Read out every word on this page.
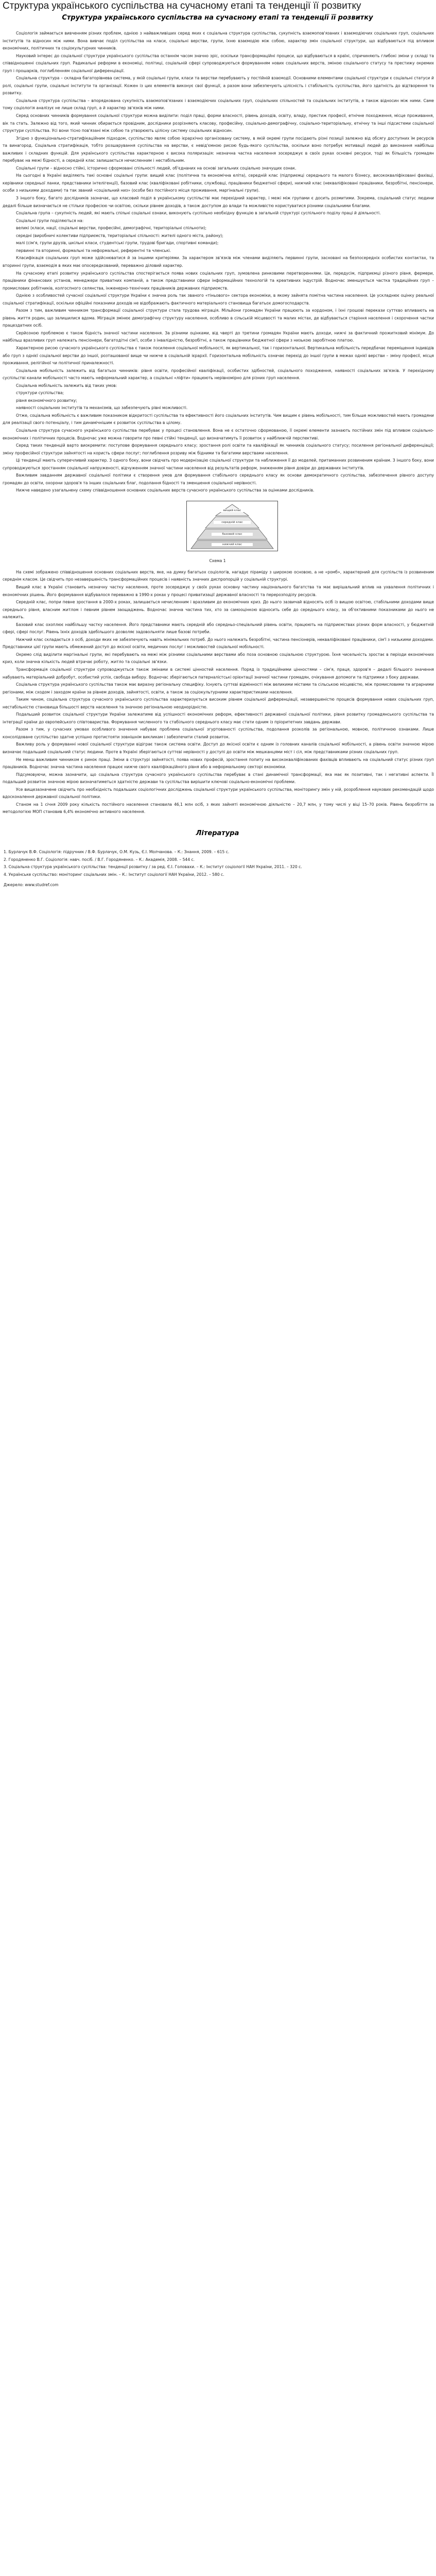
Структура українського суспільства на сучасному етапі та тенденції її розвитку
Структура українського суспільства на сучасному етапі та тенденції її розвитку

Соціологія займається вивченням різних проблем, однією з найважливіших серед яких є соціальна структура суспільства, сукупність взаємопов'язаних і взаємодіючих соціальних груп, соціальних інститутів та відносин між ними. Вона вивчає поділ суспільства на класи, соціальні верстви, групи, їхню взаємодію між собою, характер змін соціальної структури, що відбуваються під впливом економічних, політичних та соціокультурних чинників.

Науковий інтерес до соціальної структури українського суспільства останнім часом значно зріс, оскільки трансформаційні процеси, що відбуваються в країні, спричиняють глибокі зміни у складі та співвідношенні соціальних груп. Радикальні реформи в економіці, політиці, соціальній сфері супроводжуються формуванням нових соціальних верств, зміною соціального статусу та престижу окремих груп і прошарків, поглибленням соціальної диференціації.

Соціальна структура – складна багаторівнева система, у якій соціальні групи, класи та верстви перебувають у постійній взаємодії. Основними елементами соціальної структури є соціальні статуси й ролі, соціальні групи, соціальні інститути та організації. Кожен із цих елементів виконує свої функції, а разом вони забезпечують цілісність і стабільність суспільства, його здатність до відтворення та розвитку.

Соціальна структура суспільства – впорядкована сукупність взаємопов'язаних і взаємодіючих соціальних груп, соціальних спільностей та соціальних інститутів, а також відносин між ними. Саме тому соціологія аналізує не лише склад груп, а й характер зв'язків між ними.

Серед основних чинників формування соціальної структури можна виділити: поділ праці, форми власності, рівень доходів, освіту, владу, престиж професії, етнічне походження, місце проживання, вік та стать. Залежно від того, який чинник обирається провідним, дослідники розрізняють класову, професійну, соціально-демографічну, соціально-територіальну, етнічну та інші підсистеми соціальної структури суспільства. Усі вони тісно пов'язані між собою та утворюють цілісну систему соціальних відносин.

Згідно з функціонально-стратифікаційним підходом, суспільство являє собою ієрархічно організовану систему, в якій окремі групи посідають різні позиції залежно від обсягу доступних їм ресурсів та винагород. Соціальна стратифікація, тобто розшарування суспільства на верстви, є невід'ємною рисою будь-якого суспільства, оскільки воно потребує мотивації людей до виконання найбільш важливих і складних функцій. Для українського суспільства характерною є висока поляризація: незначна частка населення зосереджує в своїх руках основні ресурси, тоді як більшість громадян перебуває на межі бідності, а середній клас залишається нечисленним і нестабільним.

Соціальні групи – відносно стійкі, історично сформовані спільності людей, об'єднаних на основі загальних соціально значущих ознак.

На сьогодні в Україні виділяють такі основні соціальні групи: вищий клас (політична та економічна еліта), середній клас (підприємці середнього та малого бізнесу, висококваліфіковані фахівці, керівники середньої ланки, представники інтелігенції), базовий клас (кваліфіковані робітники, службовці, працівники бюджетної сфери), нижчий клас (некваліфіковані працівники, безробітні, пенсіонери, особи з низькими доходами) та так званий «соціальний низ» (особи без постійного місця проживання, маргінальні групи).

З іншого боку, багато дослідників зазначає, що класовий поділ в українському суспільстві має перехідний характер, і межі між групами є досить розмитими. Зокрема, соціальний статус людини дедалі більше визначається не стільки професією чи освітою, скільки рівнем доходів, а також доступом до влади та можливістю користуватися різними соціальними благами.

Соціальна група – сукупність людей, які мають спільні соціальні ознаки, виконують суспільно необхідну функцію в загальній структурі суспільного поділу праці й діяльності.

Соціальні групи поділяються на:

великі (класи, нації, соціальні верстви, професійні, демографічні, територіальні спільноти);

середні (виробничі колективи підприємств, територіальні спільності: жителі одного міста, району);

малі (сім'я, групи друзів, шкільні класи, студентські групи, трудові бригади, спортивні команди);

первинні та вторинні, формальні та неформальні, референтні та членські.

Класифікація соціальних груп може здійснюватися й за іншими критеріями. За характером зв'язків між членами виділяють первинні групи, засновані на безпосередніх особистих контактах, та вторинні групи, взаємодія в яких має опосередкований, переважно діловий характер.

На сучасному етапі розвитку українського суспільства спостерігається поява нових соціальних груп, зумовлена ринковими перетвореннями. Це, передусім, підприємці різного рівня, фермери, працівники фінансових установ, менеджери приватних компаній, а також представники сфери інформаційних технологій та креативних індустрій. Водночас зменшується частка традиційних груп – промислових робітників, колгоспного селянства, інженерно-технічних працівників державних підприємств.

Однією з особливостей сучасної соціальної структури України є значна роль так званого «тіньового» сектора економіки, в якому зайнята помітна частина населення. Це ускладнює оцінку реальної соціальної стратифікації, оскільки офіційні показники доходів не відображають фактичного матеріального становища багатьох домогосподарств.

Разом з тим, важливим чинником трансформації соціальної структури стала трудова міграція. Мільйони громадян України працюють за кордоном, і їхні грошові перекази суттєво впливають на рівень життя родин, що залишилися вдома. Міграція змінює демографічну структуру населення, особливо в сільській місцевості та малих містах, де відбувається старіння населення і скорочення частки працездатних осіб.

Серйозною проблемою є також бідність значної частини населення. За різними оцінками, від чверті до третини громадян України мають доходи, нижчі за фактичний прожитковий мінімум. До найбільш вразливих груп належать пенсіонери, багатодітні сім'ї, особи з інвалідністю, безробітні, а також працівники бюджетної сфери з низькою заробітною платою.

Характерною рисою сучасного українського суспільства є також посилення соціальної мобільності, як вертикальної, так і горизонтальної. Вертикальна мобільність передбачає переміщення індивідів або груп з однієї соціальної верстви до іншої, розташованої вище чи нижче в соціальній ієрархії. Горизонтальна мобільність означає перехід до іншої групи в межах однієї верстви – зміну професії, місця проживання, релігійної чи політичної приналежності.

Соціальна мобільність залежить від багатьох чинників: рівня освіти, професійної кваліфікації, особистих здібностей, соціального походження, наявності соціальних зв'язків. У перехідному суспільстві канали мобільності часто мають неформальний характер, а соціальні «ліфти» працюють нерівномірно для різних груп населення.

Соціальна мобільність залежить від таких умов:

структури суспільства;

рівня економічного розвитку;

наявності соціальних інститутів та механізмів, що забезпечують рівні можливості.

Отже, соціальна мобільність є важливим показником відкритості суспільства та ефективності його соціальних інститутів. Чим вищим є рівень мобільності, тим більше можливостей мають громадяни для реалізації свого потенціалу, і тим динамічнішим є розвиток суспільства в цілому.

Соціальна структура сучасного українського суспільства перебуває у процесі становлення. Вона не є остаточно сформованою, її окремі елементи зазнають постійних змін під впливом соціально-економічних і політичних процесів. Водночас уже можна говорити про певні стійкі тенденції, що визначатимуть її розвиток у найближчій перспективі.

Серед таких тенденцій варто виокремити: поступове формування середнього класу; зростання ролі освіти та кваліфікації як чинників соціального статусу; посилення регіональної диференціації; зміну професійної структури зайнятості на користь сфери послуг; поглиблення розриву між бідними та багатими верствами населення.

Ці тенденції мають суперечливий характер. З одного боку, вони свідчать про модернізацію соціальної структури та наближення її до моделей, притаманних розвиненим країнам. З іншого боку, вони супроводжуються зростанням соціальної напруженості, відчуженням значної частини населення від результатів реформ, зниженням рівня довіри до державних інститутів.

Важливим завданням державної соціальної політики є створення умов для формування стабільного середнього класу як основи демократичного суспільства, забезпечення рівного доступу громадян до освіти, охорони здоров'я та інших соціальних благ, подолання бідності та зменшення соціальної нерівності.

Нижче наведено узагальнену схему співвідношення основних соціальних верств сучасного українського суспільства за оцінками дослідників.

вищий клас
середній клас
базовий клас
нижчий клас

Схема 1

На схемі зображено співвідношення основних соціальних верств, яке, на думку багатьох соціологів, нагадує піраміду з широкою основою, а не «ромб», характерний для суспільств із розвиненим середнім класом. Це свідчить про незавершеність трансформаційних процесів і наявність значних диспропорцій у соціальній структурі.

Вищий клас в Україні становить незначну частку населення, проте зосереджує у своїх руках основну частину національного багатства та має вирішальний вплив на ухвалення політичних і економічних рішень. Його формування відбувалося переважно в 1990-х роках у процесі приватизації державної власності та перерозподілу ресурсів.

Середній клас, попри певне зростання в 2000-х роках, залишається нечисленним і вразливим до економічних криз. До нього зазвичай відносять осіб із вищою освітою, стабільними доходами вище середнього рівня, власним житлом і певним рівнем заощаджень. Водночас значна частина тих, хто за самооцінкою відносить себе до середнього класу, за об'єктивними показниками до нього не належить.

Базовий клас охоплює найбільшу частку населення. Його представники мають середній або середньо-спеціальний рівень освіти, працюють на підприємствах різних форм власності, у бюджетній сфері, сфері послуг. Рівень їхніх доходів здебільшого дозволяє задовольняти лише базові потреби.

Нижчий клас складається з осіб, доходи яких не забезпечують навіть мінімальних потреб. До нього належать безробітні, частина пенсіонерів, некваліфіковані працівники, сім'ї з низькими доходами. Представники цієї групи мають обмежений доступ до якісної освіти, медичних послуг і можливостей соціальної мобільності.

Окремо слід виділити маргінальні групи, які перебувають на межі між різними соціальними верствами або поза основною соціальною структурою. Їхня чисельність зростає в періоди економічних криз, коли значна кількість людей втрачає роботу, житло та соціальні зв'язки.

Трансформація соціальної структури супроводжується також змінами в системі цінностей населення. Поряд із традиційними цінностями – сім'я, праця, здоров'я – дедалі більшого значення набувають матеріальний добробут, особистий успіх, свобода вибору. Водночас зберігаються патерналістські орієнтації значної частини громадян, очікування допомоги та підтримки з боку держави.

Соціальна структура українського суспільства також має виразну регіональну специфіку. Існують суттєві відмінності між великими містами та сільською місцевістю, між промисловими та аграрними регіонами, між сходом і заходом країни за рівнем доходів, зайнятості, освіти, а також за соціокультурними характеристиками населення.

Таким чином, соціальна структура сучасного українського суспільства характеризується високим рівнем соціальної диференціації, незавершеністю процесів формування нових соціальних груп, нестабільністю становища більшості верств населення та значною регіональною неоднорідністю.

Подальший розвиток соціальної структури України залежатиме від успішності економічних реформ, ефективності державної соціальної політики, рівня розвитку громадянського суспільства та інтеграції країни до європейського співтовариства. Формування численного та стабільного середнього класу має стати одним із пріоритетних завдань держави.

Разом з тим, у сучасних умовах особливого значення набуває проблема соціальної згуртованості суспільства, подолання розколів за регіональною, мовною, політичною ознаками. Лише консолідоване суспільство здатне успішно протистояти зовнішнім викликам і забезпечити сталий розвиток.

Важливу роль у формуванні нової соціальної структури відіграє також система освіти. Доступ до якісної освіти є одним із головних каналів соціальної мобільності, а рівень освіти значною мірою визначає подальший соціальний статус людини. Проте в Україні зберігаються суттєві нерівності у доступі до освіти між мешканцями міст і сіл, між представниками різних соціальних груп.

Не менш важливим чинником є ринок праці. Зміни в структурі зайнятості, поява нових професій, зростання попиту на висококваліфікованих фахівців впливають на соціальний статус різних груп працівників. Водночас значна частина населення працює нижче свого кваліфікаційного рівня або в неформальному секторі економіки.

Підсумовуючи, можна зазначити, що соціальна структура сучасного українського суспільства перебуває в стані динамічної трансформації, яка має як позитивні, так і негативні аспекти. Її подальший розвиток значною мірою визначатиметься здатністю держави та суспільства вирішити ключові соціально-економічні проблеми.

Усе вищезазначене свідчить про необхідність подальших соціологічних досліджень соціальної структури українського суспільства, моніторингу змін у ній, розроблення наукових рекомендацій щодо вдосконалення державної соціальної політики.

Станом на 1 січня 2009 року кількість постійного населення становила 46,1 млн осіб, з яких зайняті економічною діяльністю – 20,7 млн, у тому числі у віці 15–70 років. Рівень безробіття за методологією МОП становив 6,4% економічно активного населення.

Література

1. Бурлачук В.Ф. Соціологія: підручник / В.Ф. Бурлачук, О.М. Кузь, Є.І. Молчанова. – К.: Знання, 2009. – 615 с.

2. Городяненко В.Г. Соціологія: навч. посіб. / В.Г. Городяненко. – К.: Академія, 2008. – 544 с.

3. Соціальна структура українського суспільства: тенденції розвитку / за ред. Є.І. Головахи. – К.: Інститут соціології НАН України, 2011. – 320 с.

4. Українське суспільство: моніторинг соціальних змін. – К.: Інститут соціології НАН України, 2012. – 580 с.

Джерело: www.studref.com
